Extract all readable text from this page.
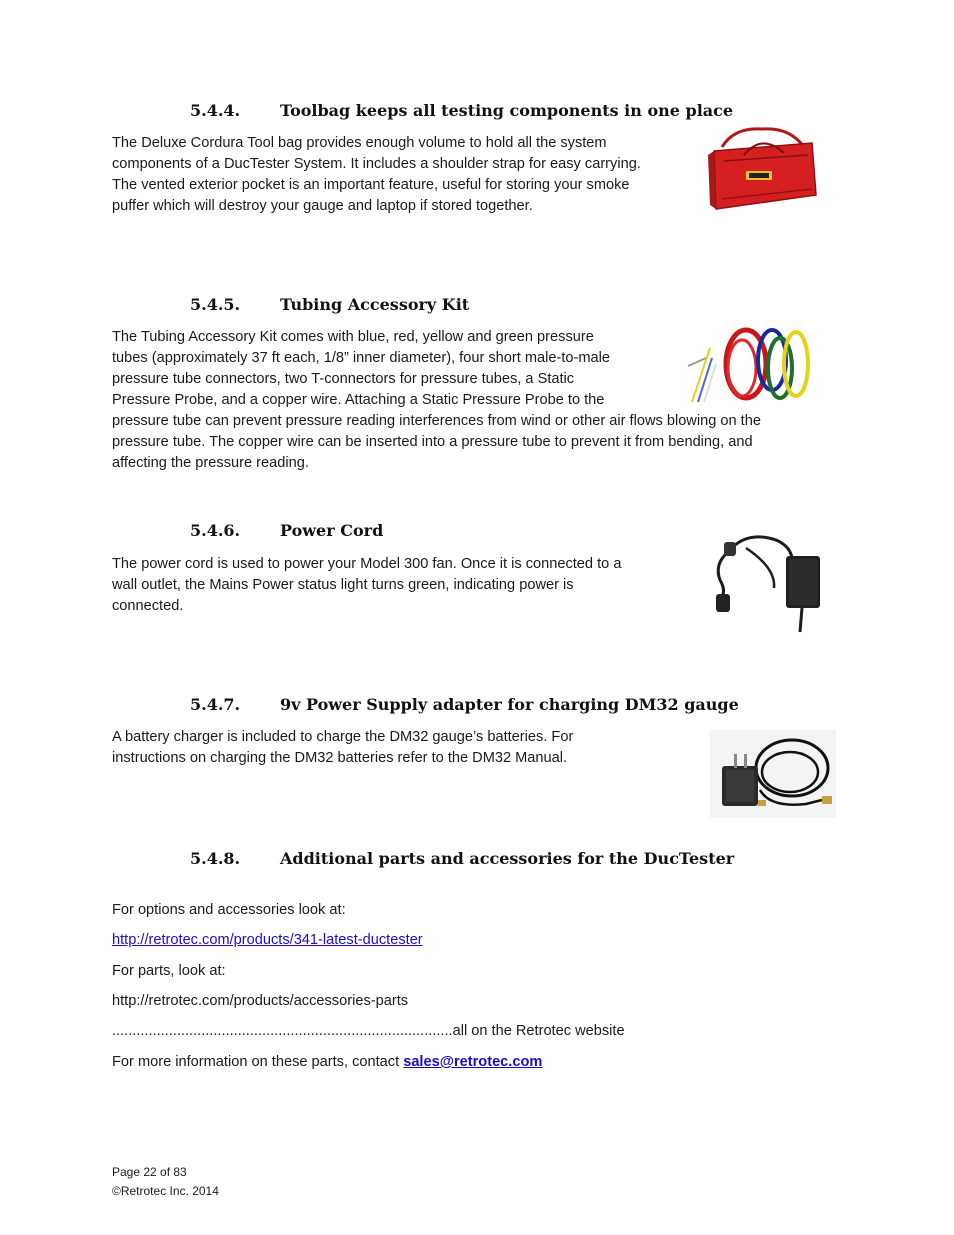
5.4.4. Toolbag keeps all testing components in one place
The Deluxe Cordura Tool bag provides enough volume to hold all the system
components of a DucTester System. It includes a shoulder strap for easy carrying.
The vented exterior pocket is an important feature, useful for storing your smoke
puffer which will destroy your gauge and laptop if stored together.
5.4.5. Tubing Accessory Kit
The Tubing Accessory Kit comes with blue, red, yellow and green pressure
tubes (approximately 37 ft each, 1/8” inner diameter), four short male-to-male
pressure tube connectors, two T-connectors for pressure tubes, a Static
Pressure Probe, and a copper wire. Attaching a Static Pressure Probe to the
pressure tube can prevent pressure reading interferences from wind or other air flows blowing on the
pressure tube. The copper wire can be inserted into a pressure tube to prevent it from bending, and
affecting the pressure reading.
5.4.6. Power Cord
The power cord is used to power your Model 300 fan. Once it is connected to a
wall outlet, the Mains Power status light turns green, indicating power is
connected.
5.4.7. 9v Power Supply adapter for charging DM32 gauge
A battery charger is included to charge the DM32 gauge’s batteries. For
instructions on charging the DM32 batteries refer to the DM32 Manual.
5.4.8. Additional parts and accessories for the DucTester
For options and accessories look at:
http://retrotec.com/products/341-latest-ductester
For parts, look at:
http://retrotec.com/products/accessories-parts
....................................................................................all on the Retrotec website
For more information on these parts, contact sales@retrotec.com
Page 22 of 83
©Retrotec Inc. 2014
